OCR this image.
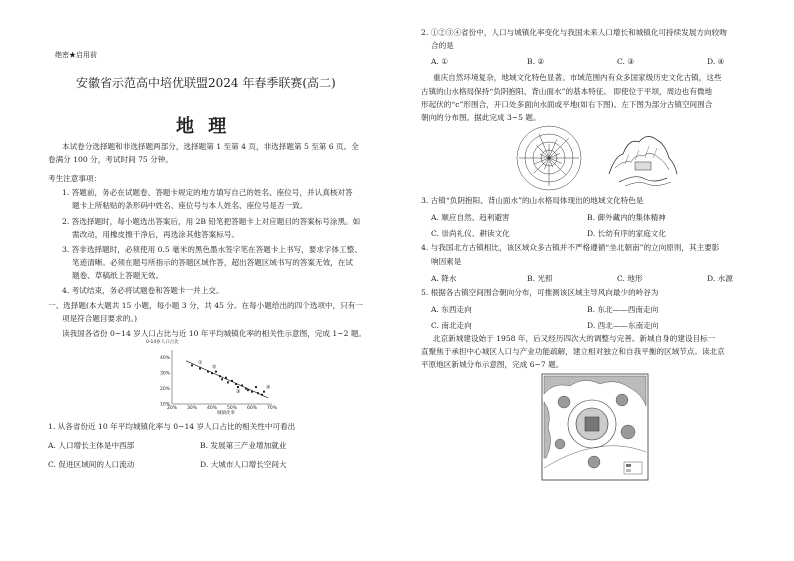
绝密★启用前
安徽省示范高中培优联盟2024 年春季联赛(高二)
地 理
本试卷分选择题和非选择题两部分，选择题第 1 至第 4 页，非选择题第 5 至第 6 页。全
卷满分 100 分，考试时间 75 分钟。
考生注意事项：
1. 答题前，务必在试题卷、答题卡规定的地方填写自己的姓名、座位号，并认真核对答
题卡上所粘贴的条形码中姓名、座位号与本人姓名、座位号是否一致。
2. 答选择题时，每小题选出答案后，用 2B 铅笔把答题卡上对应题目的答案标号涂黑。如
需改动，用橡皮擦干净后，再选涂其他答案标号。
3. 答非选择题时，必须使用 0.5 毫米的黑色墨水签字笔在答题卡上书写，要求字体工整、
笔迹清晰。必须在题号所指示的答题区域作答，超出答题区域书写的答案无效，在试
题卷、草稿纸上答题无效。
4. 考试结束，务必将试题卷和答题卡一并上交。
一、选择题(本大题共 15 小题，每小题 3 分，共 45 分。在每小题给出的四个选项中，只有一
项是符合题目要求的。)
读我国各省份 0~14 岁人口占比与近 10 年平均城镇化率的相关性示意图，完成 1~2 题。
0-14岁人口占比
10%
20%
30%
40%
20% 30% 40% 50% 60% 70%
①
②
③
④
城镇化率
1. 从各省份近 10 年平均城镇化率与 0~14 岁人口占比的相关性中可看出
A. 人口增长主体是中西部	B. 发展第三产业增加就业
C. 促进区域间的人口流动	D. 大城市人口增长空间大
2. ①②③④省份中，人口与城镇化率变化与我国未来人口增长和城镇化可持续发展方向较吻
合的是
A. ①	B. ②	C. ③	D. ④
重庆自然环境复杂，地域文化特色显著。市域范围内有众多国家级历史文化古镇，这些
古镇的山水格局保持“负阴抱阳、背山面水”的基本特征。 即使位于平坝，周边也有微地
形起伏的“c”形围合，开口处多面向水面或平地(如右下图)。左下图为部分古镇空间围合
朝向的分布图。据此完成 3~5 题。
3. 古镇“负阴抱阳、背山面水”的山水格局体现出的地域文化特色是
A. 顺应自然、趋利避害	B. 御外藏内的集体精神
C. 崇尚礼仪、耕读文化	D. 长幼有序的家庭文化
4. 与我国北方古镇相比，该区域众多古镇并不严格遵循“坐北朝南”的立向原则，其主要影
响因素是
A. 降水	B. 光照	C. 地形	D. 水源
5. 根据各古镇空间围合朝向分布，可推测该区域主导风向最少的岭谷为
A. 东西走向	B. 东北——西南走向
C. 南北走向	D. 西北——东南走向
北京新城建设始于 1958 年，后又经历四次大的调整与完善。新城自身的建设目标一
直聚焦于承担中心城区人口与产业功能疏解，建立相对独立和自我平衡的区域节点。读北京
平原地区新城分布示意图，完成 6~7 题。
